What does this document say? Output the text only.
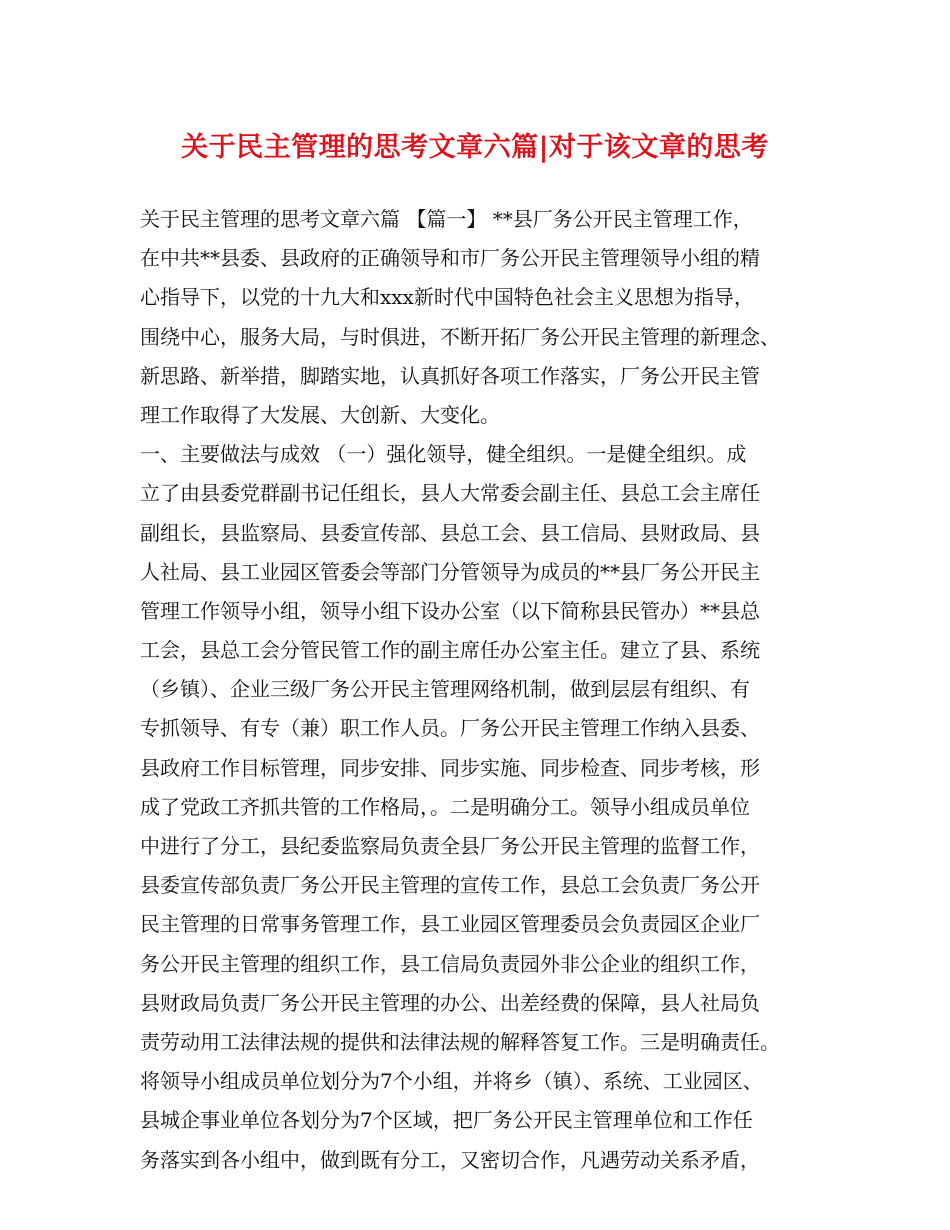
关于民主管理的思考文章六篇|对于该文章的思考
关于民主管理的思考文章六篇 【篇一】 **县厂务公开民主管理工作，
在中共**县委、县政府的正确领导和市厂务公开民主管理领导小组的精
心指导下，以党的十九大和xxx新时代中国特色社会主义思想为指导，
围绕中心，服务大局，与时俱进，不断开拓厂务公开民主管理的新理念、
新思路、新举措，脚踏实地，认真抓好各项工作落实，厂务公开民主管
理工作取得了大发展、大创新、大变化。
一、主要做法与成效 （一）强化领导，健全组织。一是健全组织。成
立了由县委党群副书记任组长，县人大常委会副主任、县总工会主席任
副组长，县监察局、县委宣传部、县总工会、县工信局、县财政局、县
人社局、县工业园区管委会等部门分管领导为成员的**县厂务公开民主
管理工作领导小组，领导小组下设办公室（以下简称县民管办）**县总
工会，县总工会分管民管工作的副主席任办公室主任。建立了县、系统
（乡镇）、企业三级厂务公开民主管理网络机制，做到层层有组织、有
专抓领导、有专（兼）职工作人员。厂务公开民主管理工作纳入县委、
县政府工作目标管理，同步安排、同步实施、同步检查、同步考核，形
成了党政工齐抓共管的工作格局，。二是明确分工。领导小组成员单位
中进行了分工，县纪委监察局负责全县厂务公开民主管理的监督工作，
县委宣传部负责厂务公开民主管理的宣传工作，县总工会负责厂务公开
民主管理的日常事务管理工作，县工业园区管理委员会负责园区企业厂
务公开民主管理的组织工作，县工信局负责园外非公企业的组织工作，
县财政局负责厂务公开民主管理的办公、出差经费的保障，县人社局负
责劳动用工法律法规的提供和法律法规的解释答复工作。三是明确责任。
将领导小组成员单位划分为7个小组，并将乡（镇）、系统、工业园区、
县城企事业单位各划分为7个区域，把厂务公开民主管理单位和工作任
务落实到各小组中，做到既有分工，又密切合作，凡遇劳动关系矛盾，
